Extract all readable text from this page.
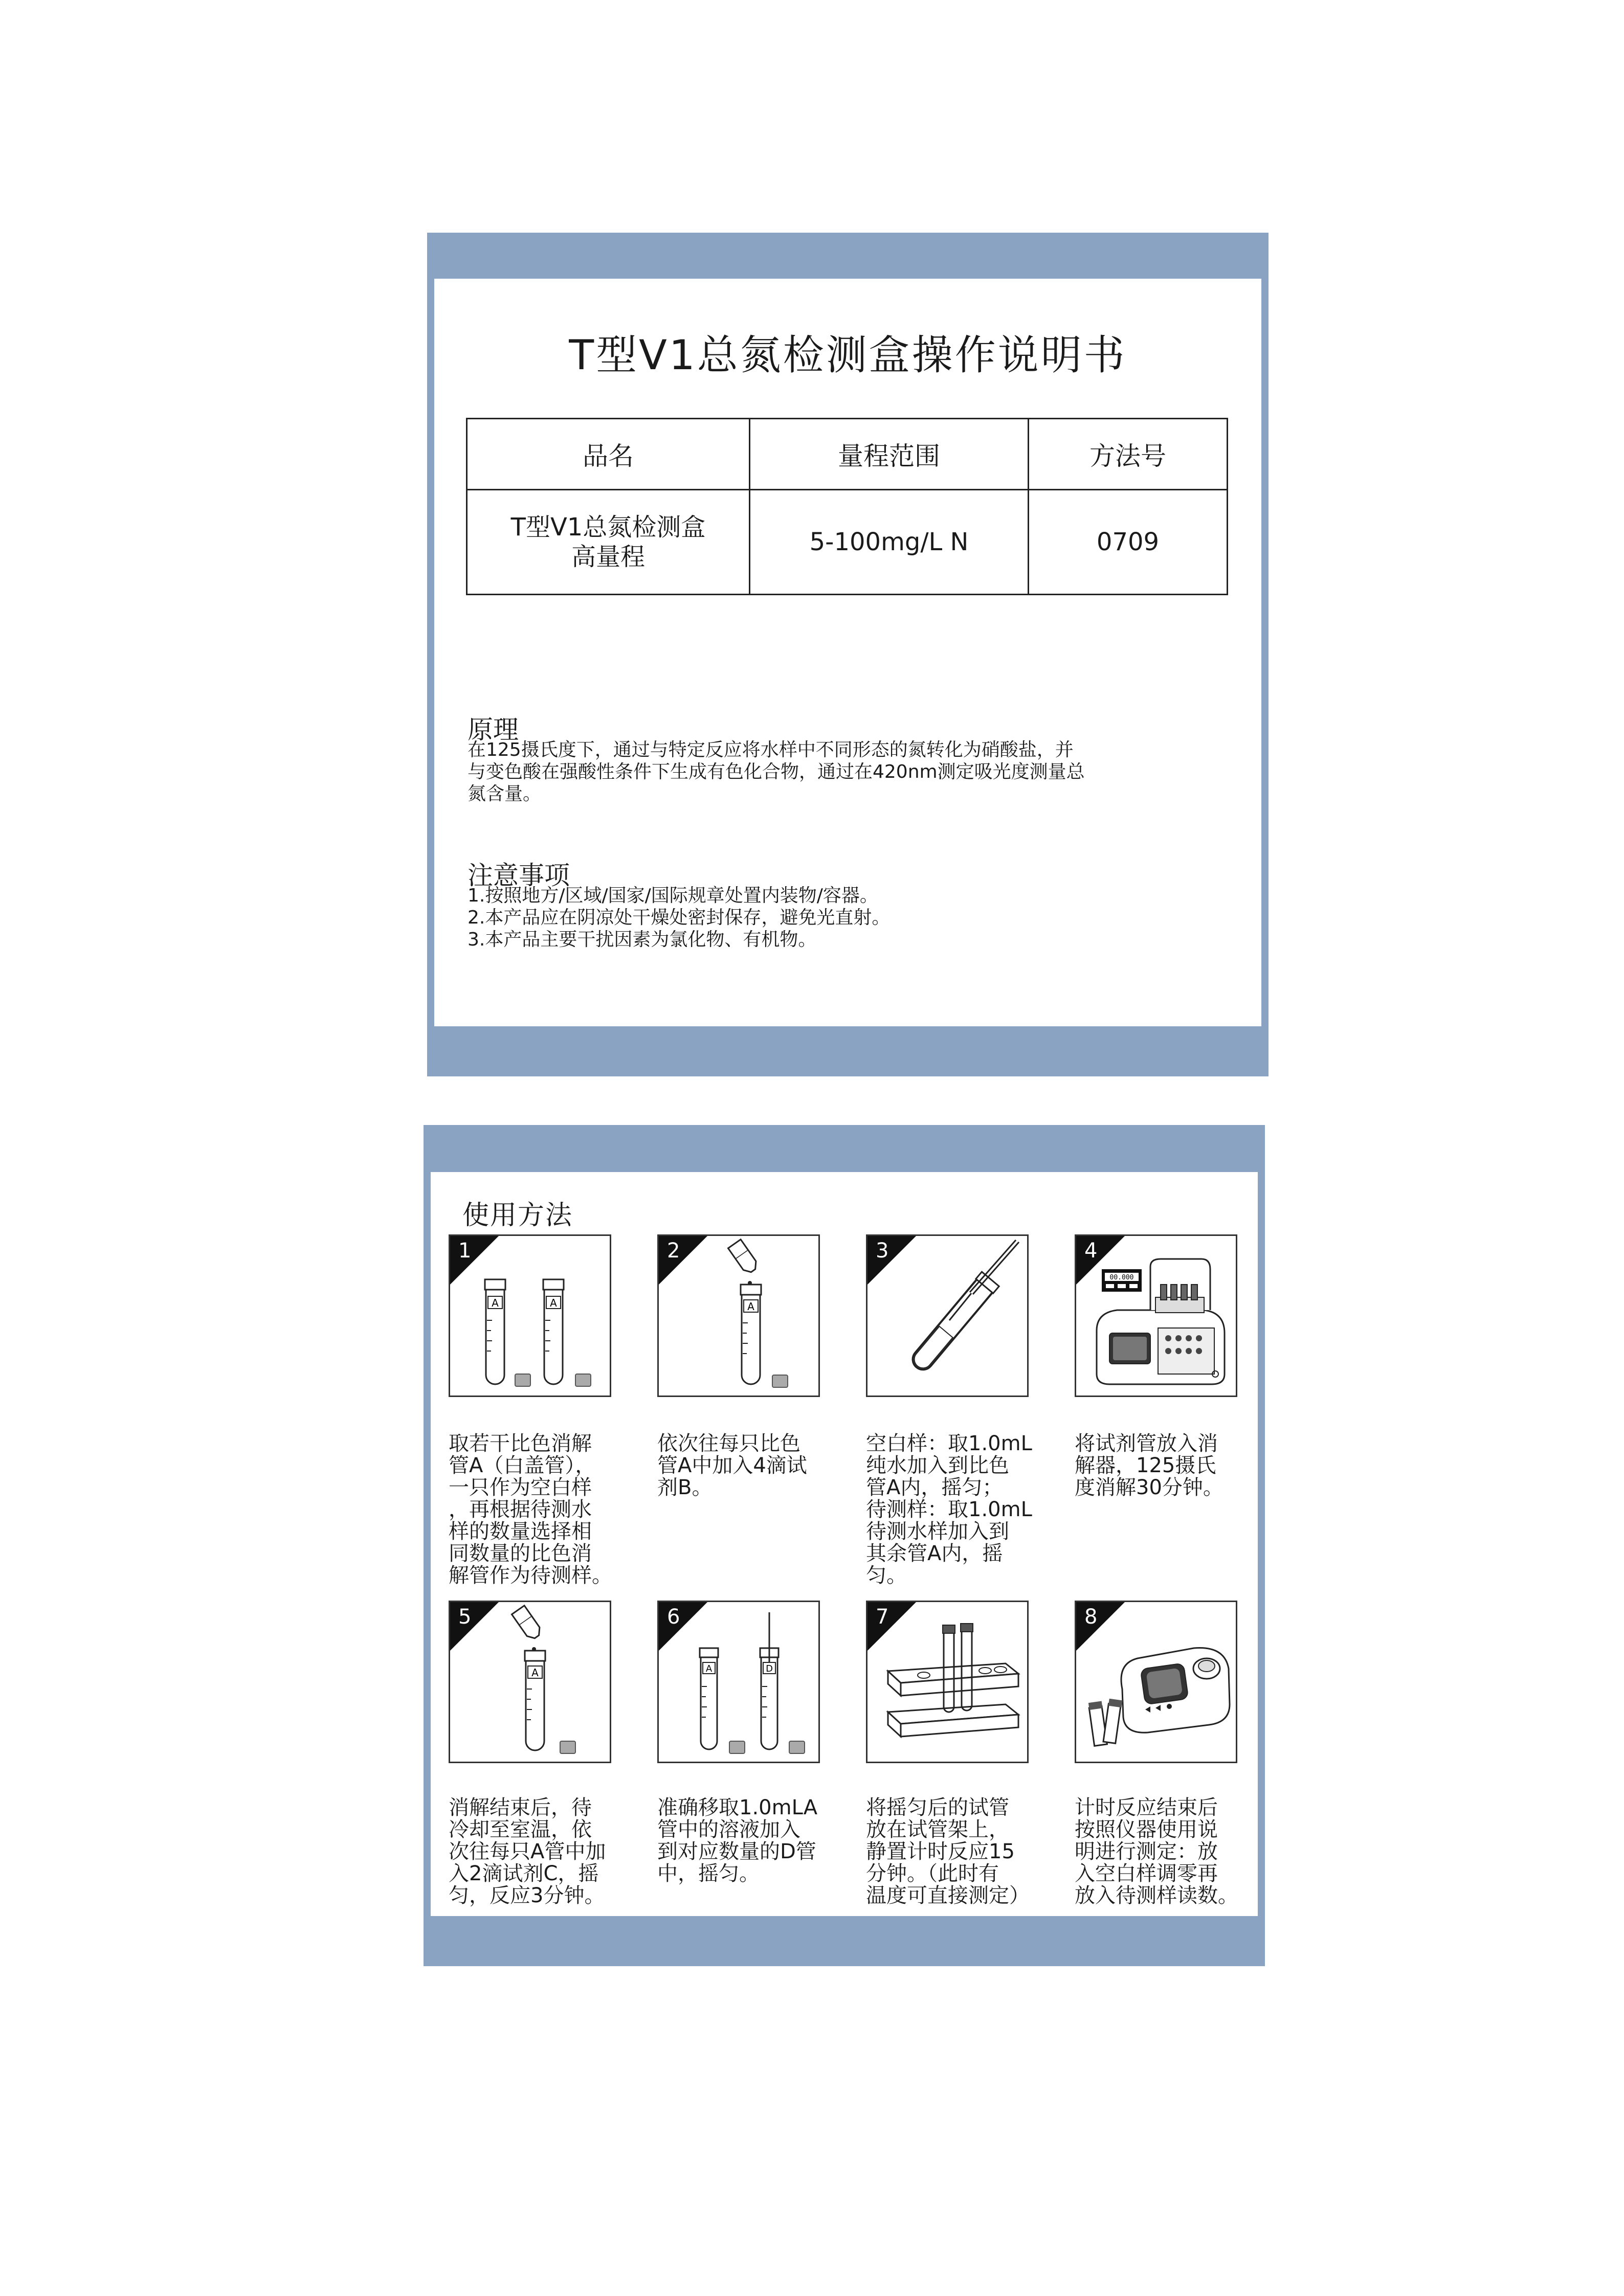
T型V1总氮检测盒操作说明书
品名	量程范围	方法号
T型V1总氮检测盒
高量程	5-100mg/L N	0709
原理
在125摄氏度下，通过与特定反应将水样中不同形态的氮转化为硝酸盐，并
与变色酸在强酸性条件下生成有色化合物，通过在420nm测定吸光度测量总
氮含量。
注意事项
1.按照地方/区域/国家/国际规章处置内装物/容器。
2.本产品应在阴凉处干燥处密封保存，避免光直射。
3.本产品主要干扰因素为氯化物、有机物。
使用方法
1
A	A
取若干比色消解
管A（白盖管），
一只作为空白样
，再根据待测水
样的数量选择相
同数量的比色消
解管作为待测样。
2
A
依次往每只比色
管A中加入4滴试
剂B。
3
空白样：取1.0mL
纯水加入到比色
管A内，摇匀；
待测样：取1.0mL
待测水样加入到
其余管A内，摇匀。
4
00.000
将试剂管放入消
解器，125摄氏
度消解30分钟。
5
A
消解结束后，待
冷却至室温，依
次往每只A管中加
入2滴试剂C，摇
匀，反应3分钟。
6
A	D
准确移取1.0mLA
管中的溶液加入
到对应数量的D管
中，摇匀。
7
将摇匀后的试管
放在试管架上，
静置计时反应15
分钟。（此时有
温度可直接测定）
8
计时反应结束后
按照仪器使用说
明进行测定：放
入空白样调零再
放入待测样读数。
